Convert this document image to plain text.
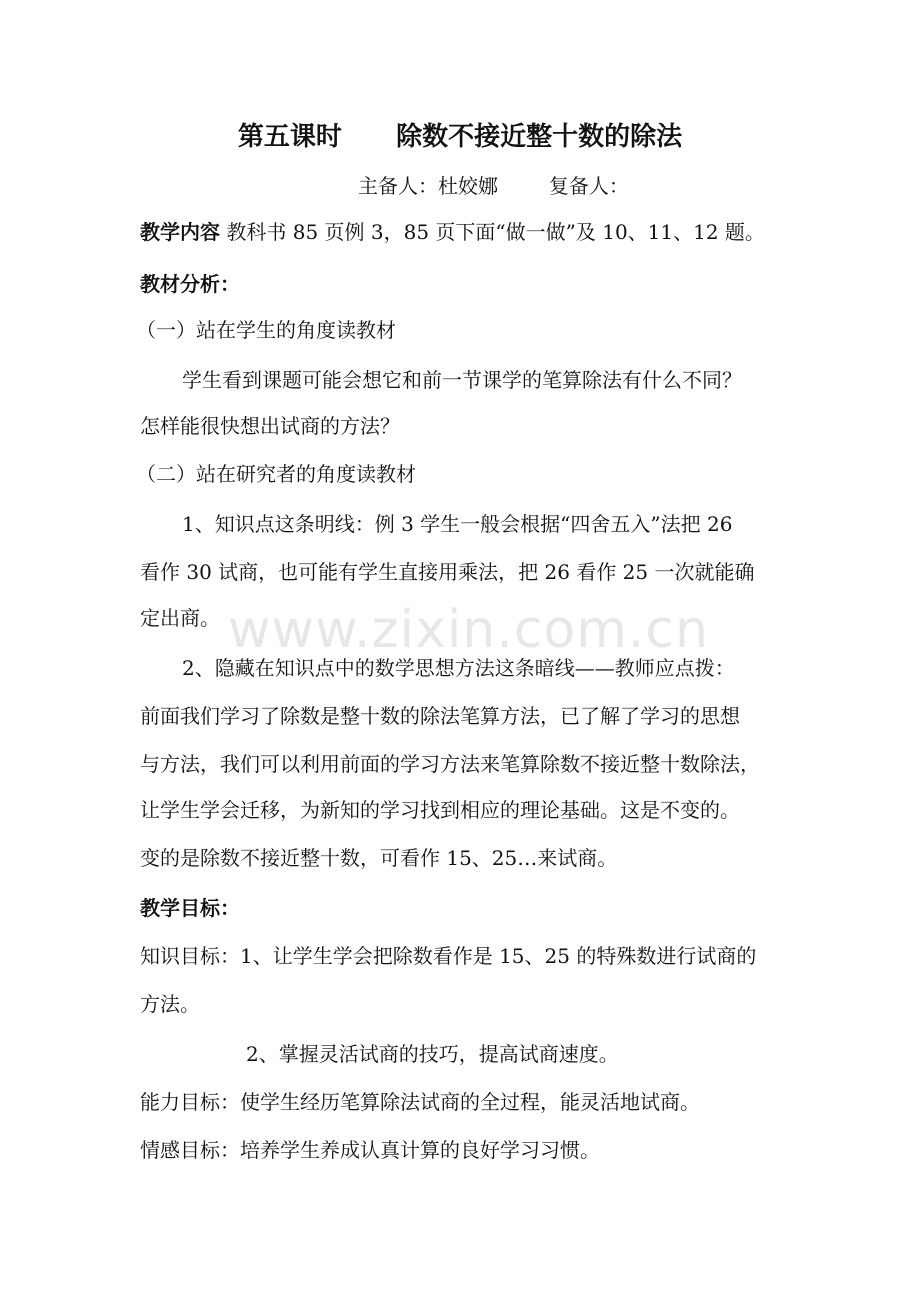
第五课时      除数不接近整十数的除法
主备人：杜姣娜        复备人：
教学内容 教科书 85 页例 3，85 页下面“做一做”及 10、11、12 题。
教材分析：
（一）站在学生的角度读教材
学生看到课题可能会想它和前一节课学的笔算除法有什么不同？
怎样能很快想出试商的方法？
（二）站在研究者的角度读教材
1、知识点这条明线：例 3 学生一般会根据“四舍五入”法把 26
看作 30 试商，也可能有学生直接用乘法，把 26 看作 25 一次就能确
定出商。
2、隐藏在知识点中的数学思想方法这条暗线——教师应点拨：
前面我们学习了除数是整十数的除法笔算方法，已了解了学习的思想
与方法，我们可以利用前面的学习方法来笔算除数不接近整十数除法，
让学生学会迁移，为新知的学习找到相应的理论基础。这是不变的。
变的是除数不接近整十数，可看作 15、25…来试商。
教学目标：
知识目标：1、让学生学会把除数看作是 15、25 的特殊数进行试商的
方法。
2、掌握灵活试商的技巧，提高试商速度。
能力目标：使学生经历笔算除法试商的全过程，能灵活地试商。
情感目标：培养学生养成认真计算的良好学习习惯。
www.zixin.com.cn
